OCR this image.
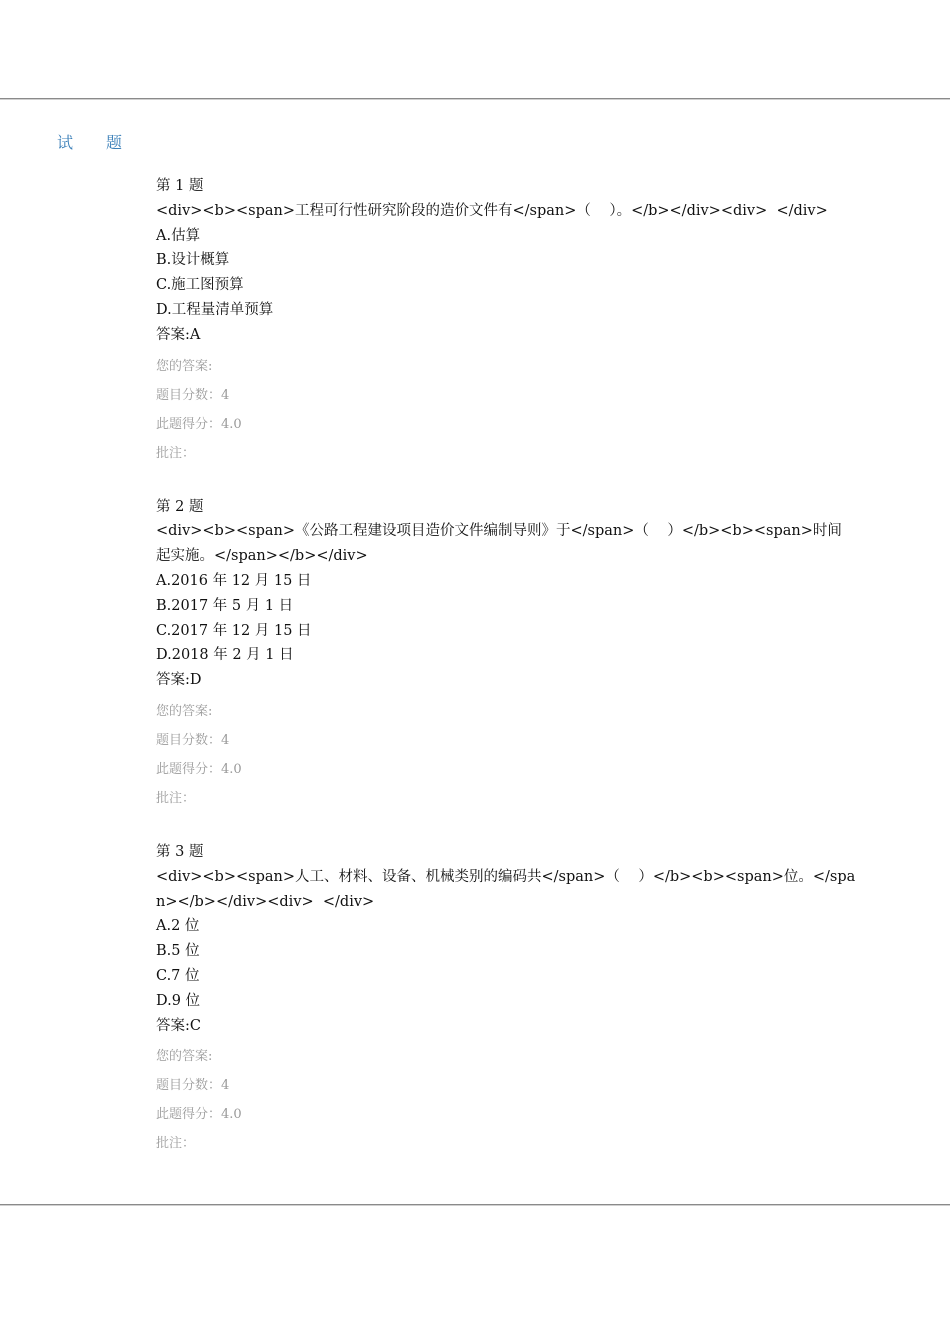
试题
第 1 题
<div><b><span>工程可行性研究阶段的造价文件有</span>（    ）。</b></div><div>  </div>
A.估算
B.设计概算
C.施工图预算
D.工程量清单预算
答案:A
您的答案:
题目分数：4
此题得分：4.0
批注：
第 2 题
<div><b><span>《公路工程建设项目造价文件编制导则》于</span>（    ）</b><b><span>时间起实施。</span></b></div>
A.2016 年 12 月 15 日
B.2017 年 5 月 1 日
C.2017 年 12 月 15 日
D.2018 年 2 月 1 日
答案:D
您的答案:
题目分数：4
此题得分：4.0
批注：
第 3 题
<div><b><span>人工、材料、设备、机械类别的编码共</span>（    ）</b><b><span>位。</span></b></div><div>  </div>
A.2 位
B.5 位
C.7 位
D.9 位
答案:C
您的答案:
题目分数：4
此题得分：4.0
批注：
